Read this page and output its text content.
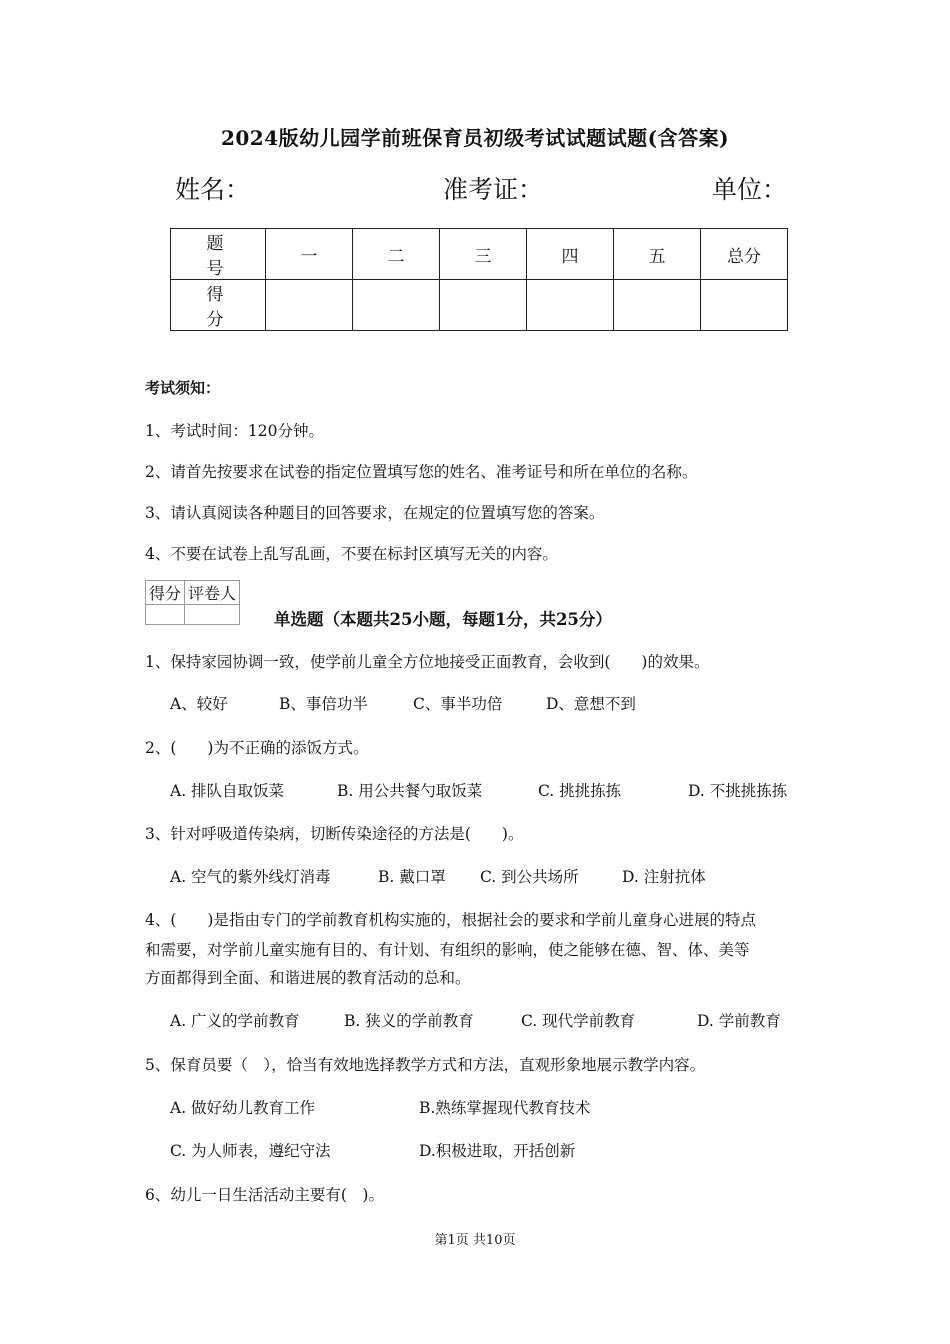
2024版幼儿园学前班保育员初级考试试题试题(含答案)
姓名：	准考证：	单位：
题　号	一	二	三	四	五	总分
得　分						
考试须知：
1、考试时间：120分钟。
2、请首先按要求在试卷的指定位置填写您的姓名、准考证号和所在单位的名称。
3、请认真阅读各种题目的回答要求，在规定的位置填写您的答案。
4、不要在试卷上乱写乱画，不要在标封区填写无关的内容。
得分	评卷人

单选题（本题共25小题，每题1分，共25分）
1、保持家园协调一致，使学前儿童全方位地接受正面教育，会收到(　　)的效果。
A、较好	B、事倍功半	C、事半功倍	D、意想不到
2、(　　)为不正确的添饭方式。
A. 排队自取饭菜	B. 用公共餐勺取饭菜	C. 挑挑拣拣	D. 不挑挑拣拣
3、针对呼吸道传染病，切断传染途径的方法是(　　)。
A. 空气的紫外线灯消毒	B. 戴口罩 C. 到公共场所	D. 注射抗体
4、(　　)是指由专门的学前教育机构实施的，根据社会的要求和学前儿童身心进展的特点
和需要，对学前儿童实施有目的、有计划、有组织的影响，使之能够在德、智、体、美等
方面都得到全面、和谐进展的教育活动的总和。
A. 广义的学前教育	B. 狭义的学前教育	C. 现代学前教育	D. 学前教育
5、保育员要（　），恰当有效地选择教学方式和方法，直观形象地展示教学内容。
A. 做好幼儿教育工作	B.熟练掌握现代教育技术
C. 为人师表，遵纪守法	D.积极进取，开括创新
6、幼儿一日生活活动主要有(　)。
第1页 共10页
